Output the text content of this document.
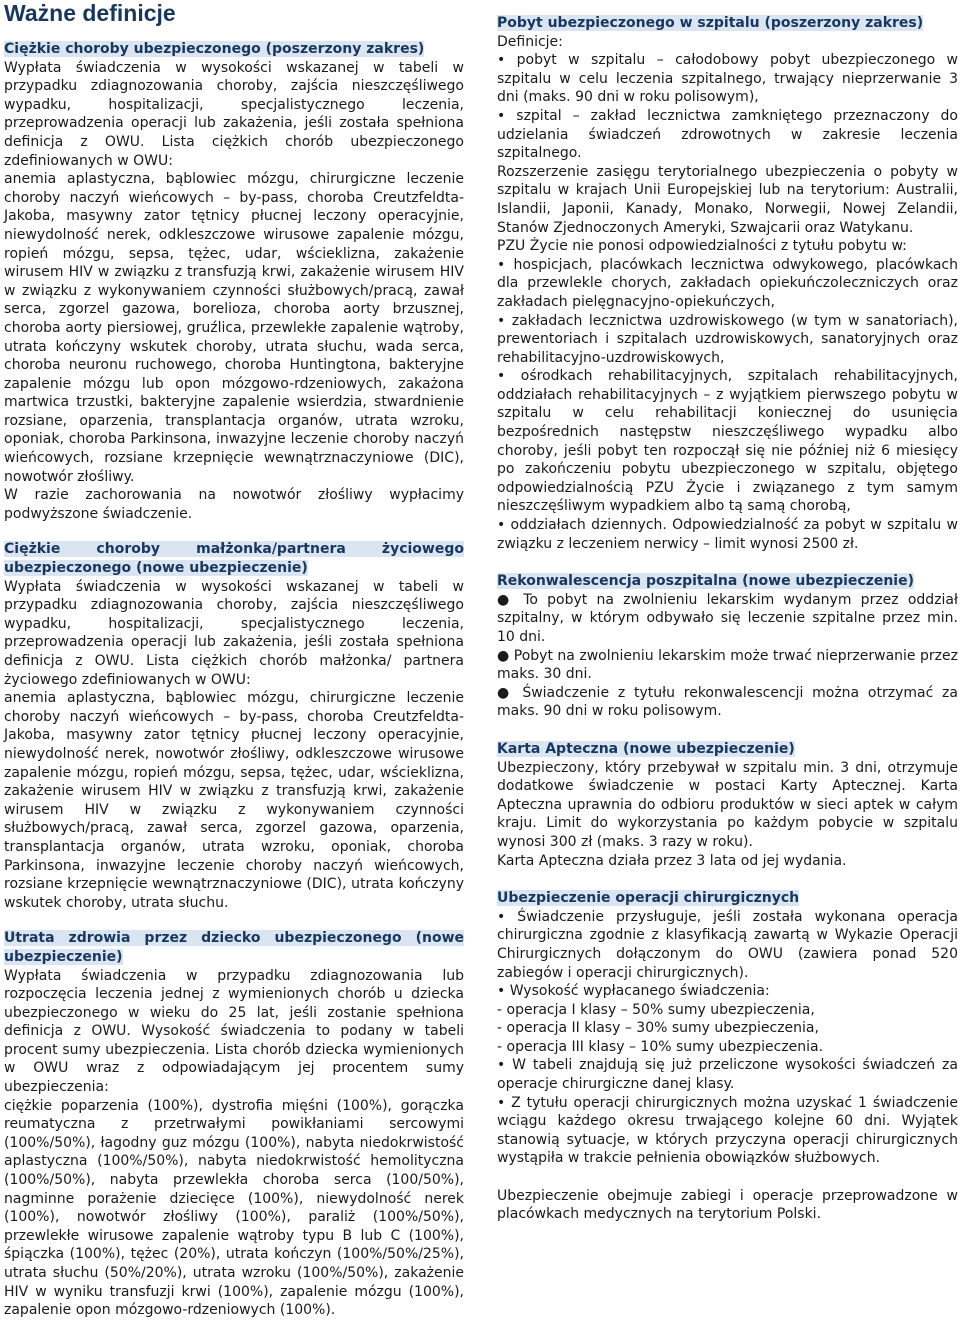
Ważne definicje
Ciężkie choroby ubezpieczonego (poszerzony zakres)

Wypłata świadczenia w wysokości wskazanej w tabeli w przypadku zdiagnozowania choroby, zajścia nieszczęśliwego wypadku, hospitalizacji, specjalistycznego leczenia, przeprowadzenia operacji lub zakażenia, jeśli została spełniona definicja z OWU. Lista ciężkich chorób ubezpieczonego zdefiniowanych w OWU:

anemia aplastyczna, bąblowiec mózgu, chirurgiczne leczenie choroby naczyń wieńcowych – by-pass, choroba Creutzfeldta-Jakoba, masywny zator tętnicy płucnej leczony operacyjnie, niewydolność nerek, odkleszczowe wirusowe zapalenie mózgu, ropień mózgu, sepsa, tężec, udar, wścieklizna, zakażenie wirusem HIV w związku z transfuzją krwi, zakażenie wirusem HIV w związku z wykonywaniem czynności służbowych/pracą, zawał serca, zgorzel gazowa, borelioza, choroba aorty brzusznej, choroba aorty piersiowej, gruźlica, przewlekłe zapalenie wątroby, utrata kończyny wskutek choroby, utrata słuchu, wada serca, choroba neuronu ruchowego, choroba Huntingtona, bakteryjne zapalenie mózgu lub opon mózgowo-rdzeniowych, zakażona martwica trzustki, bakteryjne zapalenie wsierdzia, stwardnienie rozsiane, oparzenia, transplantacja organów, utrata wzroku, oponiak, choroba Parkinsona, inwazyjne leczenie choroby naczyń wieńcowych, rozsiane krzepnięcie wewnątrznaczyniowe (DIC), nowotwór złośliwy.

W razie zachorowania na nowotwór złośliwy wypłacimy podwyższone świadczenie.

Ciężkie choroby małżonka/partnera życiowego ubezpieczonego (nowe ubezpieczenie)

Wypłata świadczenia w wysokości wskazanej w tabeli w przypadku zdiagnozowania choroby, zajścia nieszczęśliwego wypadku, hospitalizacji, specjalistycznego leczenia, przeprowadzenia operacji lub zakażenia, jeśli została spełniona definicja z OWU. Lista ciężkich chorób małżonka/ partnera życiowego zdefiniowanych w OWU:

anemia aplastyczna, bąblowiec mózgu, chirurgiczne leczenie choroby naczyń wieńcowych – by-pass, choroba Creutzfeldta-Jakoba, masywny zator tętnicy płucnej leczony operacyjnie, niewydolność nerek, nowotwór złośliwy, odkleszczowe wirusowe zapalenie mózgu, ropień mózgu, sepsa, tężec, udar, wścieklizna, zakażenie wirusem HIV w związku z transfuzją krwi, zakażenie wirusem HIV w związku z wykonywaniem czynności służbowych/pracą, zawał serca, zgorzel gazowa, oparzenia, transplantacja organów, utrata wzroku, oponiak, choroba Parkinsona, inwazyjne leczenie choroby naczyń wieńcowych, rozsiane krzepnięcie wewnątrznaczyniowe (DIC), utrata kończyny wskutek choroby, utrata słuchu.

Utrata zdrowia przez dziecko ubezpieczonego (nowe ubezpieczenie)

Wypłata świadczenia w przypadku zdiagnozowania lub rozpoczęcia leczenia jednej z wymienionych chorób u dziecka ubezpieczonego w wieku do 25 lat, jeśli zostanie spełniona definicja z OWU. Wysokość świadczenia to podany w tabeli procent sumy ubezpieczenia. Lista chorób dziecka wymienionych w OWU wraz z odpowiadającym jej procentem sumy ubezpieczenia:

ciężkie poparzenia (100%), dystrofia mięśni (100%), gorączka reumatyczna z przetrwałymi powikłaniami sercowymi (100%/50%), łagodny guz mózgu (100%), nabyta niedokrwistość aplastyczna (100%/50%), nabyta niedokrwistość hemolityczna (100%/50%), nabyta przewlekła choroba serca (100/50%), nagminne porażenie dziecięce (100%), niewydolność nerek (100%), nowotwór złośliwy (100%), paraliż (100%/50%), przewlekłe wirusowe zapalenie wątroby typu B lub C (100%), śpiączka (100%), tężec (20%), utrata kończyn (100%/50%/25%), utrata słuchu (50%/20%), utrata wzroku (100%/50%), zakażenie HIV w wyniku transfuzji krwi (100%), zapalenie mózgu (100%), zapalenie opon mózgowo-rdzeniowych (100%).

Pobyt ubezpieczonego w szpitalu (poszerzony zakres)

Definicje:

• pobyt w szpitalu – całodobowy pobyt ubezpieczonego w szpitalu w celu leczenia szpitalnego, trwający nieprzerwanie 3 dni (maks. 90 dni w roku polisowym),

• szpital – zakład lecznictwa zamkniętego przeznaczony do udzielania świadczeń zdrowotnych w zakresie leczenia szpitalnego.

Rozszerzenie zasięgu terytorialnego ubezpieczenia o pobyty w szpitalu w krajach Unii Europejskiej lub na terytorium: Australii, Islandii, Japonii, Kanady, Monako, Norwegii, Nowej Zelandii, Stanów Zjednoczonych Ameryki, Szwajcarii oraz Watykanu.

PZU Życie nie ponosi odpowiedzialności z tytułu pobytu w:

• hospicjach, placówkach lecznictwa odwykowego, placówkach dla przewlekle chorych, zakładach opiekuńczoleczniczych oraz zakładach pielęgnacyjno-opiekuńczych,

• zakładach lecznictwa uzdrowiskowego (w tym w sanatoriach), prewentoriach i szpitalach uzdrowiskowych, sanatoryjnych oraz rehabilitacyjno-uzdrowiskowych,

• ośrodkach rehabilitacyjnych, szpitalach rehabilitacyjnych, oddziałach rehabilitacyjnych – z wyjątkiem pierwszego pobytu w szpitalu w celu rehabilitacji koniecznej do usunięcia bezpośrednich następstw nieszczęśliwego wypadku albo choroby, jeśli pobyt ten rozpoczął się nie później niż 6 miesięcy po zakończeniu pobytu ubezpieczonego w szpitalu, objętego odpowiedzialnością PZU Życie i związanego z tym samym nieszczęśliwym wypadkiem albo tą samą chorobą,

• oddziałach dziennych. Odpowiedzialność za pobyt w szpitalu w związku z leczeniem nerwicy – limit wynosi 2500 zł.

Rekonwalescencja poszpitalna (nowe ubezpieczenie)

● To pobyt na zwolnieniu lekarskim wydanym przez oddział szpitalny, w którym odbywało się leczenie szpitalne przez min. 10 dni.

● Pobyt na zwolnieniu lekarskim może trwać nieprzerwanie przez maks. 30 dni.

● Świadczenie z tytułu rekonwalescencji można otrzymać za maks. 90 dni w roku polisowym.

Karta Apteczna (nowe ubezpieczenie)

Ubezpieczony, który przebywał w szpitalu min. 3 dni, otrzymuje dodatkowe świadczenie w postaci Karty Aptecznej. Karta Apteczna uprawnia do odbioru produktów w sieci aptek w całym kraju. Limit do wykorzystania po każdym pobycie w szpitalu wynosi 300 zł (maks. 3 razy w roku).

Karta Apteczna działa przez 3 lata od jej wydania.

Ubezpieczenie operacji chirurgicznych

• Świadczenie przysługuje, jeśli została wykonana operacja chirurgiczna zgodnie z klasyfikacją zawartą w Wykazie Operacji Chirurgicznych dołączonym do OWU (zawiera ponad 520 zabiegów i operacji chirurgicznych).

• Wysokość wypłacanego świadczenia:

- operacja I klasy – 50% sumy ubezpieczenia,

- operacja II klasy – 30% sumy ubezpieczenia,

- operacja III klasy – 10% sumy ubezpieczenia.

• W tabeli znajdują się już przeliczone wysokości świadczeń za operacje chirurgiczne danej klasy.

• Z tytułu operacji chirurgicznych można uzyskać 1 świadczenie wciągu każdego okresu trwającego kolejne 60 dni. Wyjątek stanowią sytuacje, w których przyczyna operacji chirurgicznych wystąpiła w trakcie pełnienia obowiązków służbowych.

Ubezpieczenie obejmuje zabiegi i operacje przeprowadzone w placówkach medycznych na terytorium Polski.
